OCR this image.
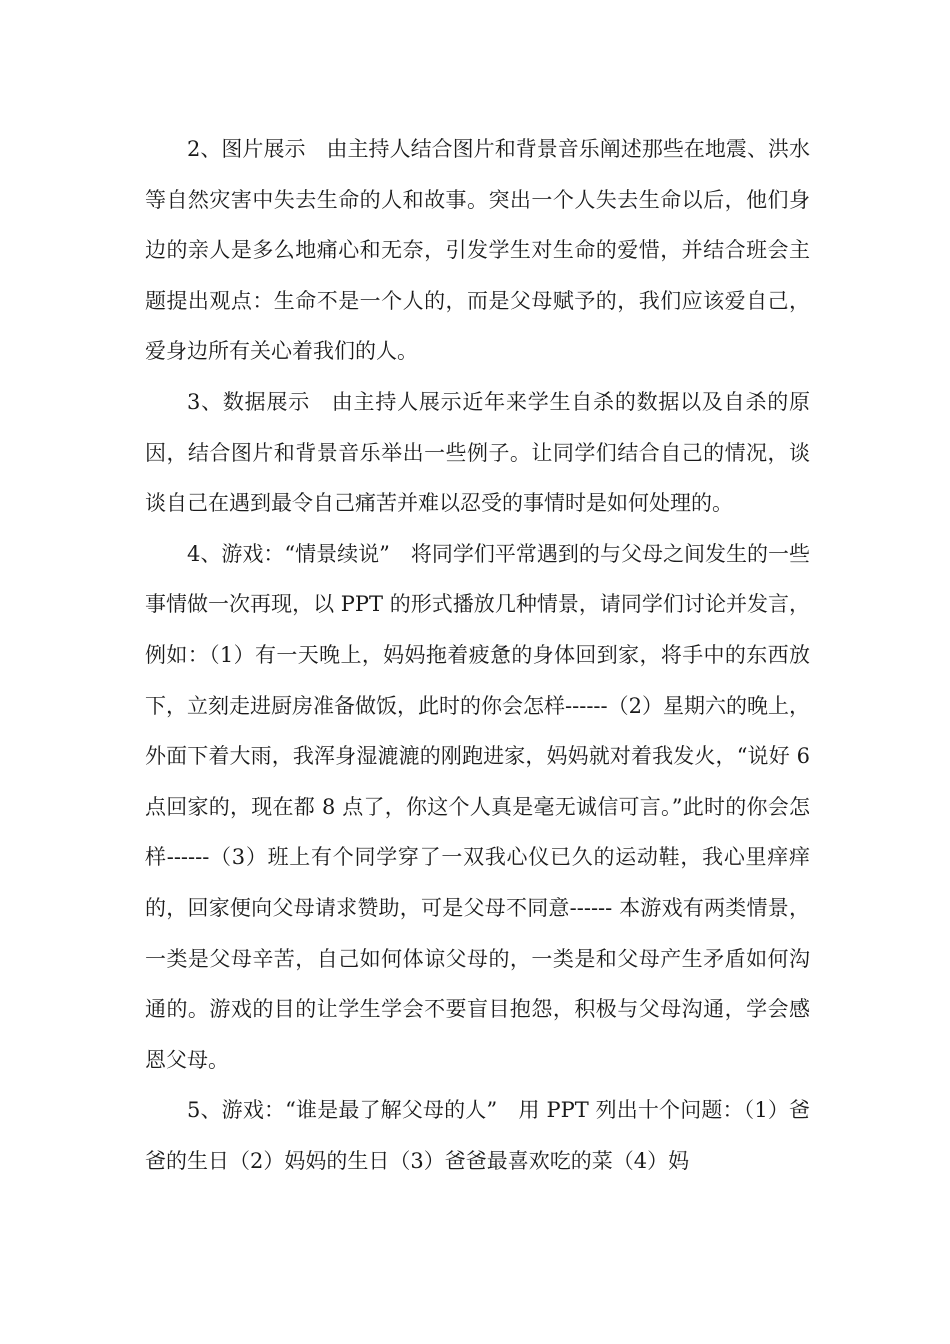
2、图片展示　由主持人结合图片和背景音乐阐述那些在地震、洪水等自然灾害中失去生命的人和故事。突出一个人失去生命以后，他们身边的亲人是多么地痛心和无奈，引发学生对生命的爱惜，并结合班会主题提出观点：生命不是一个人的，而是父母赋予的，我们应该爱自己，爱身边所有关心着我们的人。

3、数据展示　由主持人展示近年来学生自杀的数据以及自杀的原因，结合图片和背景音乐举出一些例子。让同学们结合自己的情况，谈谈自己在遇到最令自己痛苦并难以忍受的事情时是如何处理的。

4、游戏：“情景续说”　将同学们平常遇到的与父母之间发生的一些事情做一次再现，以 PPT 的形式播放几种情景，请同学们讨论并发言，例如：（1）有一天晚上，妈妈拖着疲惫的身体回到家，将手中的东西放下，立刻走进厨房准备做饭，此时的你会怎样------（2）星期六的晚上，外面下着大雨，我浑身湿漉漉的刚跑进家，妈妈就对着我发火，“说好 6 点回家的，现在都 8 点了，你这个人真是毫无诚信可言。”此时的你会怎样------（3）班上有个同学穿了一双我心仪已久的运动鞋，我心里痒痒的，回家便向父母请求赞助，可是父母不同意------ 本游戏有两类情景，一类是父母辛苦，自己如何体谅父母的，一类是和父母产生矛盾如何沟通的。游戏的目的让学生学会不要盲目抱怨，积极与父母沟通，学会感恩父母。

5、游戏：“谁是最了解父母的人”　用 PPT 列出十个问题：（1）爸爸的生日（2）妈妈的生日（3）爸爸最喜欢吃的菜（4）妈
